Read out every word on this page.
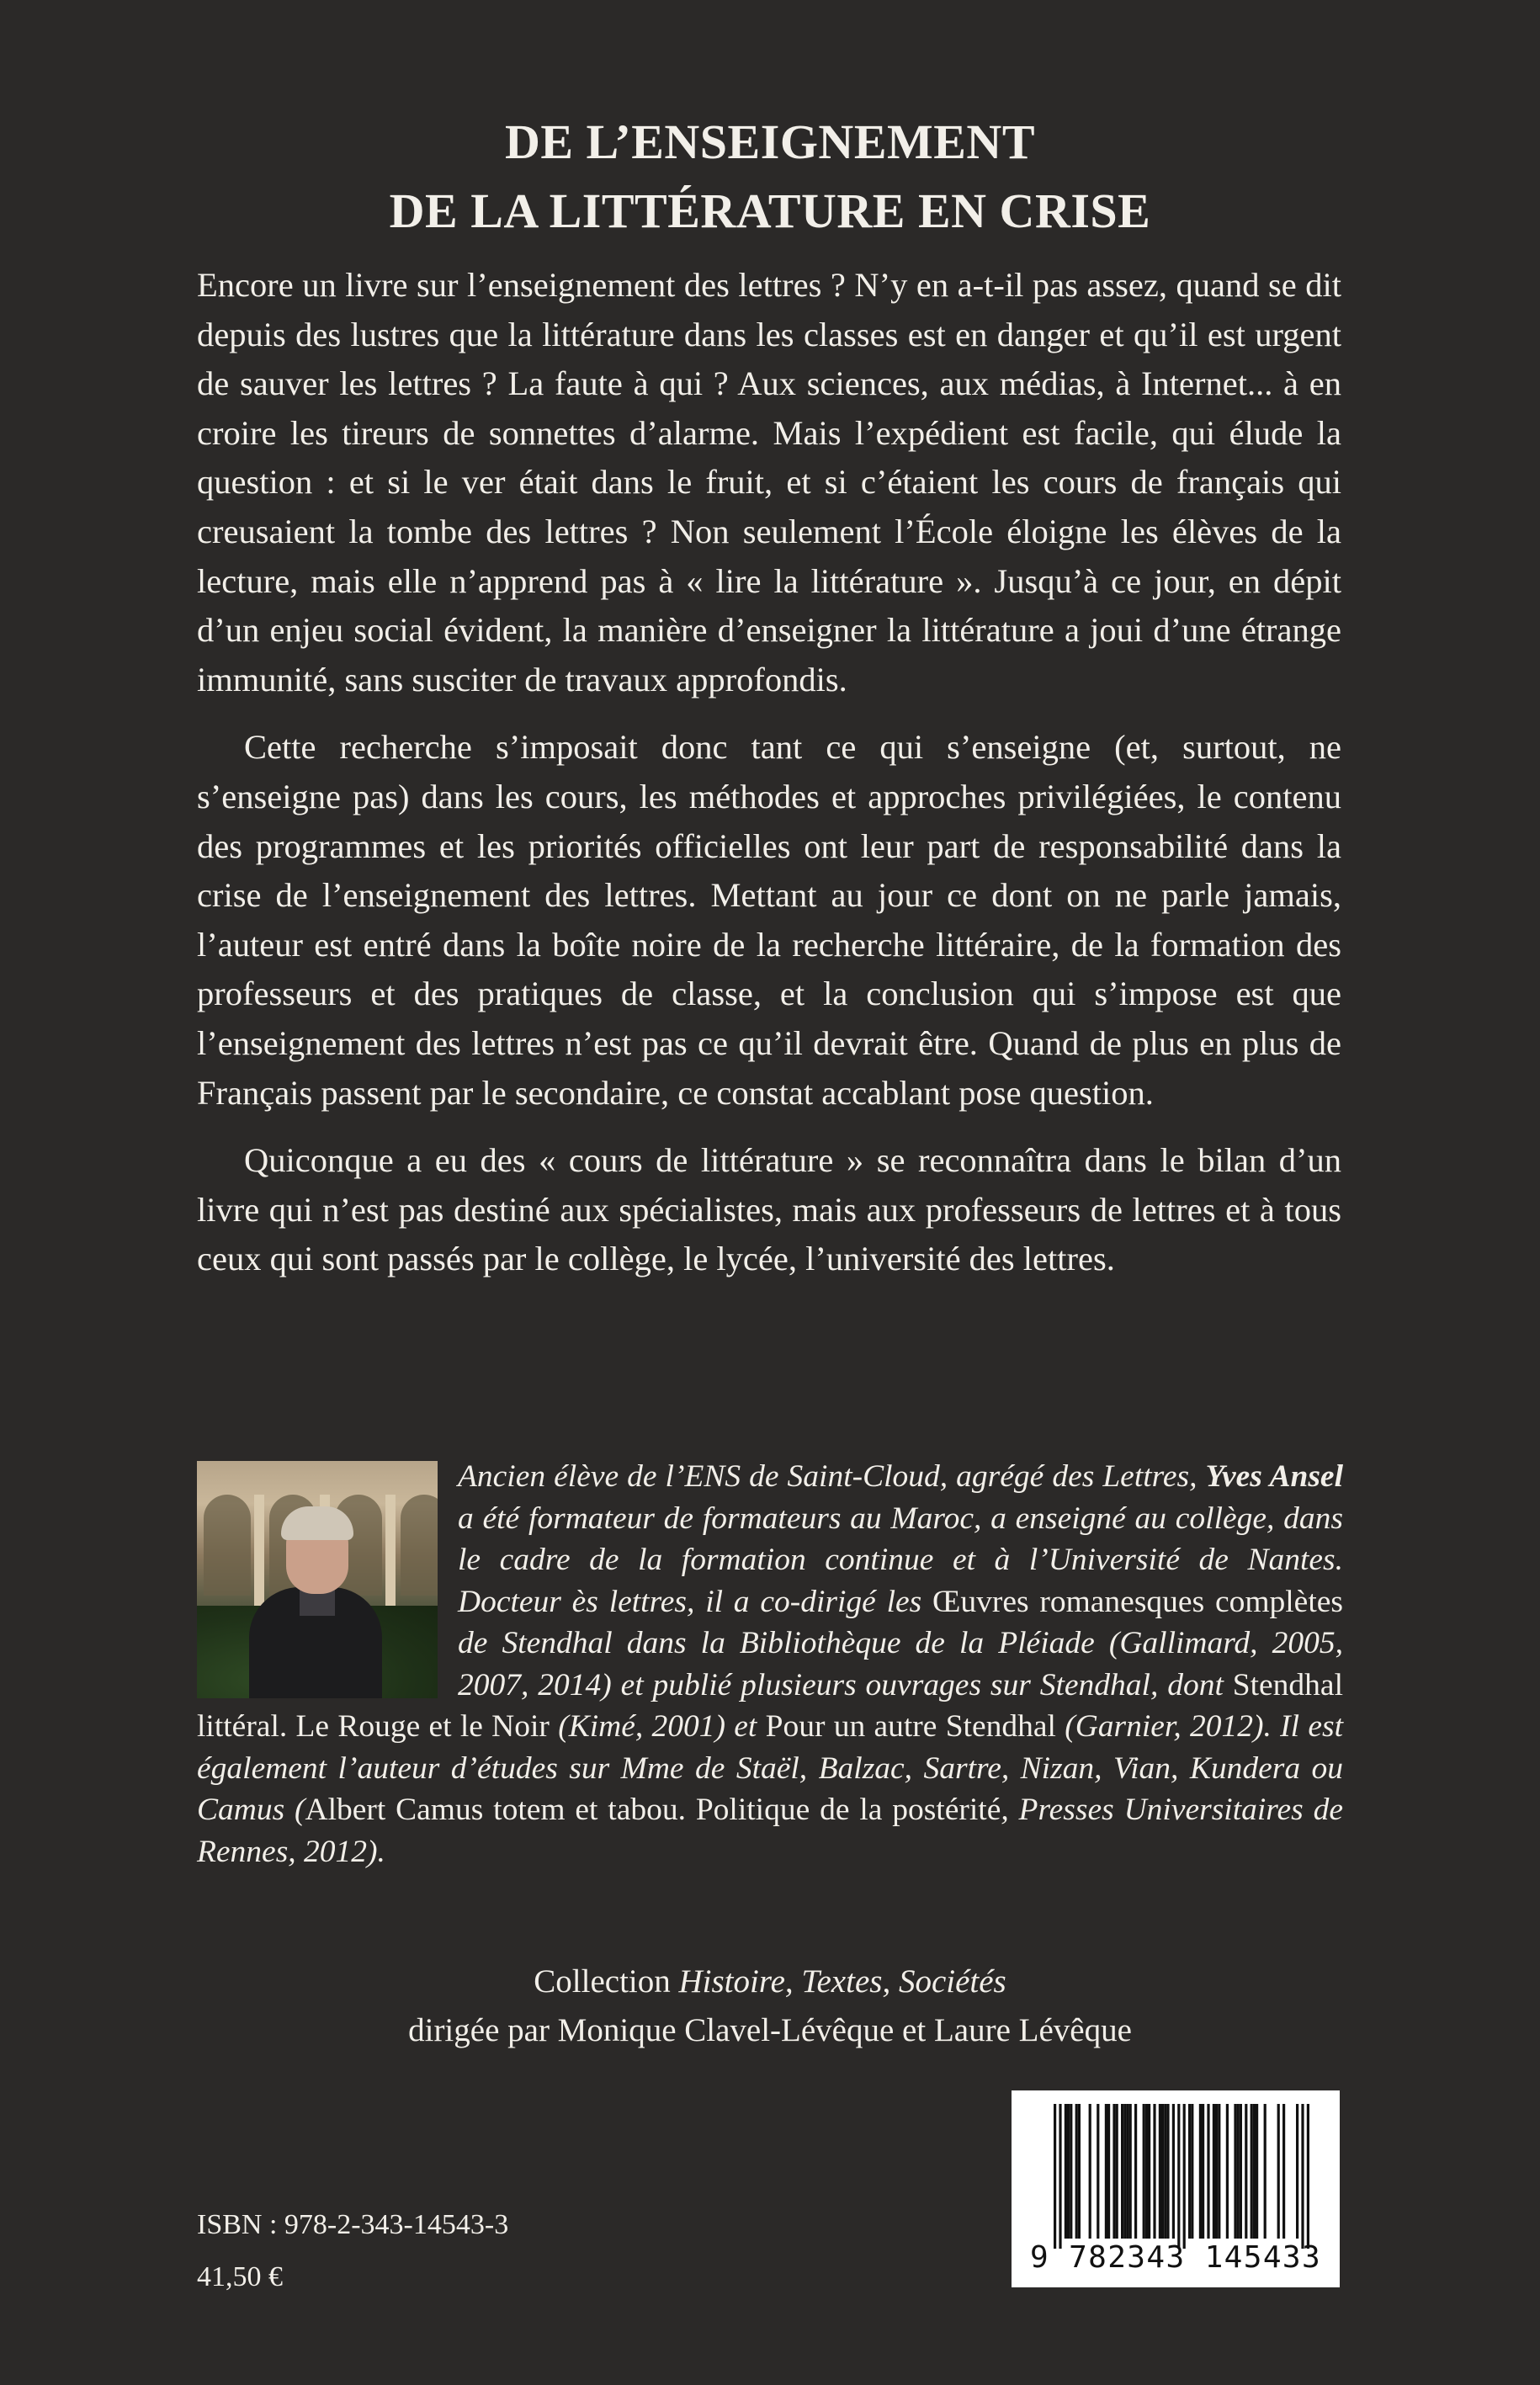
DE L’ENSEIGNEMENT
DE LA LITTÉRATURE EN CRISE

Encore un livre sur l’enseignement des lettres ? N’y en a-t-il pas assez, quand se dit depuis des lustres que la littérature dans les classes est en danger et qu’il est urgent de sauver les lettres ? La faute à qui ? Aux sciences, aux médias, à Internet... à en croire les tireurs de sonnettes d’alarme. Mais l’expédient est facile, qui élude la question : et si le ver était dans le fruit, et si c’étaient les cours de français qui creusaient la tombe des lettres ? Non seulement l’École éloigne les élèves de la lecture, mais elle n’apprend pas à « lire la littérature ». Jusqu’à ce jour, en dépit d’un enjeu social évident, la manière d’enseigner la littérature a joui d’une étrange immunité, sans susciter de travaux approfondis.

Cette recherche s’imposait donc tant ce qui s’enseigne (et, surtout, ne s’enseigne pas) dans les cours, les méthodes et approches privilégiées, le contenu des programmes et les priorités officielles ont leur part de responsabilité dans la crise de l’enseignement des lettres. Mettant au jour ce dont on ne parle jamais, l’auteur est entré dans la boîte noire de la recherche littéraire, de la formation des professeurs et des pratiques de classe, et la conclusion qui s’impose est que l’enseignement des lettres n’est pas ce qu’il devrait être. Quand de plus en plus de Français passent par le secondaire, ce constat accablant pose question.

Quiconque a eu des « cours de littérature » se reconnaîtra dans le bilan d’un livre qui n’est pas destiné aux spécialistes, mais aux professeurs de lettres et à tous ceux qui sont passés par le collège, le lycée, l’université des lettres.

Ancien élève de l’ENS de Saint-Cloud, agrégé des Lettres, Yves Ansel a été formateur de formateurs au Maroc, a enseigné au collège, dans le cadre de la formation continue et à l’Université de Nantes. Docteur ès lettres, il a co-dirigé les Œuvres romanesques complètes de Stendhal dans la Bibliothèque de la Pléiade (Gallimard, 2005, 2007, 2014) et publié plusieurs ouvrages sur Stendhal, dont Stendhal littéral. Le Rouge et le Noir (Kimé, 2001) et Pour un autre Stendhal (Garnier, 2012). Il est également l’auteur d’études sur Mme de Staël, Balzac, Sartre, Nizan, Vian, Kundera ou Camus (Albert Camus totem et tabou. Politique de la postérité, Presses Universitaires de Rennes, 2012).
Collection Histoire, Textes, Sociétés
dirigée par Monique Clavel-Lévêque et Laure Lévêque
ISBN : 978-2-343-14543-3
41,50 €
9 782343 145433
